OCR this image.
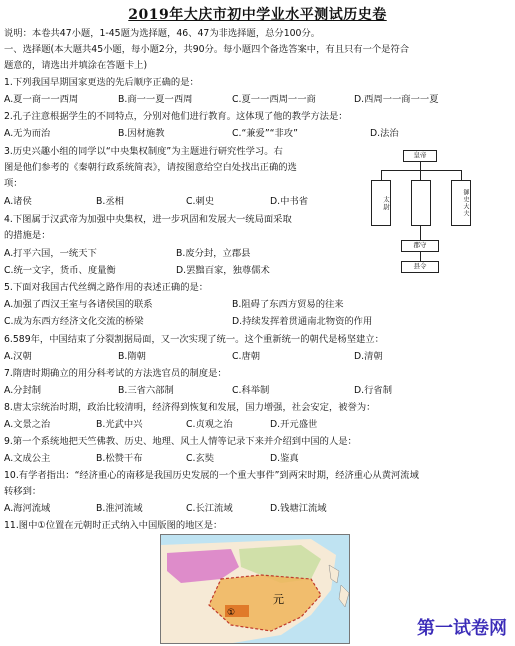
2019年大庆市初中学业水平测试历史卷
说明：本卷共47小题，1-45题为选择题，46、47为非选择题，总分100分。
一、选择题(本大题共45小题，每小题2分，共90分。每小题四个备选答案中，有且只有一个是符合
题意的，请选出并填涂在答题卡上)
1.下列我国早期国家更迭的先后顺序正确的是：
A.夏一商一一西周	B.商一一夏一西周	C.夏一一西周一一商	D.西周一一商一一夏
2.孔子注意根据学生的不同特点，分别对他们进行教育。这体现了他的教学方法是：
A.无为而治	B.因材施教	C.“兼爱”“非攻”	D.法治
3.历史兴趣小组的同学以“中央集权制度”为主题进行研究性学习。右
图是他们参考的《秦朝行政系统简表》，请按图意给空白处找出正确的选
项：
A.诸侯	B.丞相	C.刺史	D.中书省
4.下图属于汉武帝为加强中央集权，进一步巩固和发展大一统局面采取
的措施是：
A.打平六国，一统天下	B.废分封，立郡县
C.统一文字，货币、度量衡	D.罢黜百家，独尊儒术
5.下面对我国古代丝绸之路作用的表述正确的是：
A.加强了西汉王室与各诸侯国的联系	B.阻碍了东西方贸易的往来
C.成为东西方经济文化交流的桥梁	D.持续发挥着贯通南北物资的作用
6.589年，中国结束了分裂割据局面，又一次实现了统一。这个重新统一的朝代是杨坚建立：
A.汉朝	B.隋朝	C.唐朝	D.清朝
7.隋唐时期确立的用分科考试的方法选官员的制度是：
A.分封制	B.三省六部制	C.科举制	D.行省制
8.唐太宗统治时期，政治比较清明，经济得到恢复和发展，国力增强，社会安定，被誉为：
A.文景之治	B.光武中兴	C.贞观之治	D.开元盛世
9.第一个系统地把天竺佛教、历史、地理、风土人情等记录下来并介绍到中国的人是：
A.文成公主	B.松赞干布	C.玄奘	D.鉴真
10.有学者指出：“经济重心的南移是我国历史发展的一个重大事件”到两宋时期，经济重心从黄河流域
转移到：
A.海河流域	B.淮河流域	C.长江流域	D.钱塘江流域
11.图中①位置在元朝时正式纳入中国版图的地区是：
皇帝
太尉	御史大夫
郡守
县令
①
元
第一试卷网
